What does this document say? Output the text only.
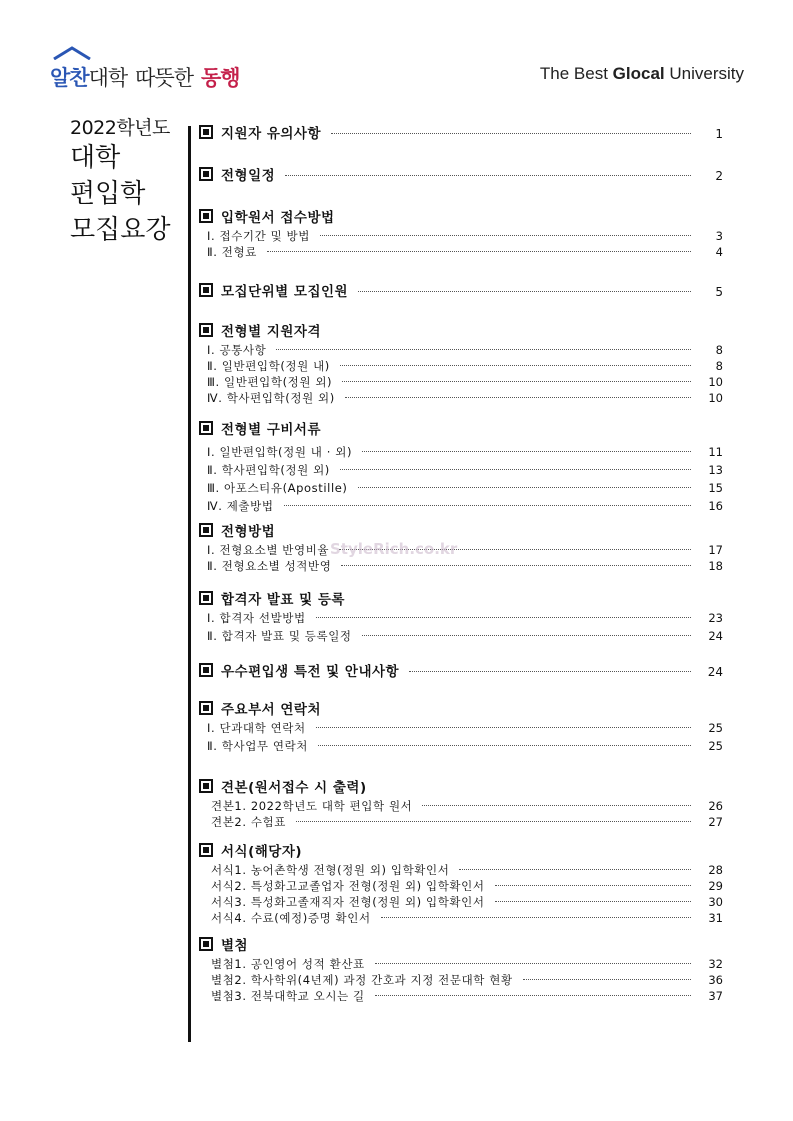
알찬대학 따뜻한 동행	The Best Glocal University
2022학년도
대학
편입학
모집요강
지원자 유의사항	1
전형일정	2
입학원서 접수방법
Ⅰ. 접수기간 및 방법	3
Ⅱ. 전형료	4
모집단위별 모집인원	5
전형별 지원자격
Ⅰ. 공통사항	8
Ⅱ. 일반편입학(정원 내)	8
Ⅲ. 일반편입학(정원 외)	10
Ⅳ. 학사편입학(정원 외)	10
전형별 구비서류
Ⅰ. 일반편입학(정원 내 · 외)	11
Ⅱ. 학사편입학(정원 외)	13
Ⅲ. 아포스티유(Apostille)	15
Ⅳ. 제출방법	16
전형방법
Ⅰ. 전형요소별 반영비율	17
Ⅱ. 전형요소별 성적반영	18
합격자 발표 및 등록
Ⅰ. 합격자 선발방법	23
Ⅱ. 합격자 발표 및 등록일정	24
우수편입생 특전 및 안내사항	24
주요부서 연락처
Ⅰ. 단과대학 연락처	25
Ⅱ. 학사업무 연락처	25
견본(원서접수 시 출력)
견본1. 2022학년도 대학 편입학 원서	26
견본2. 수험표	27
서식(해당자)
서식1. 농어촌학생 전형(정원 외) 입학확인서	28
서식2. 특성화고교졸업자 전형(정원 외) 입학확인서	29
서식3. 특성화고졸재직자 전형(정원 외) 입학확인서	30
서식4. 수료(예정)증명 확인서	31
별첨
별첨1. 공인영어 성적 환산표	32
별첨2. 학사학위(4년제) 과정 간호과 지정 전문대학 현황	36
별첨3. 전북대학교 오시는 길	37
StyleRich.co.kr
